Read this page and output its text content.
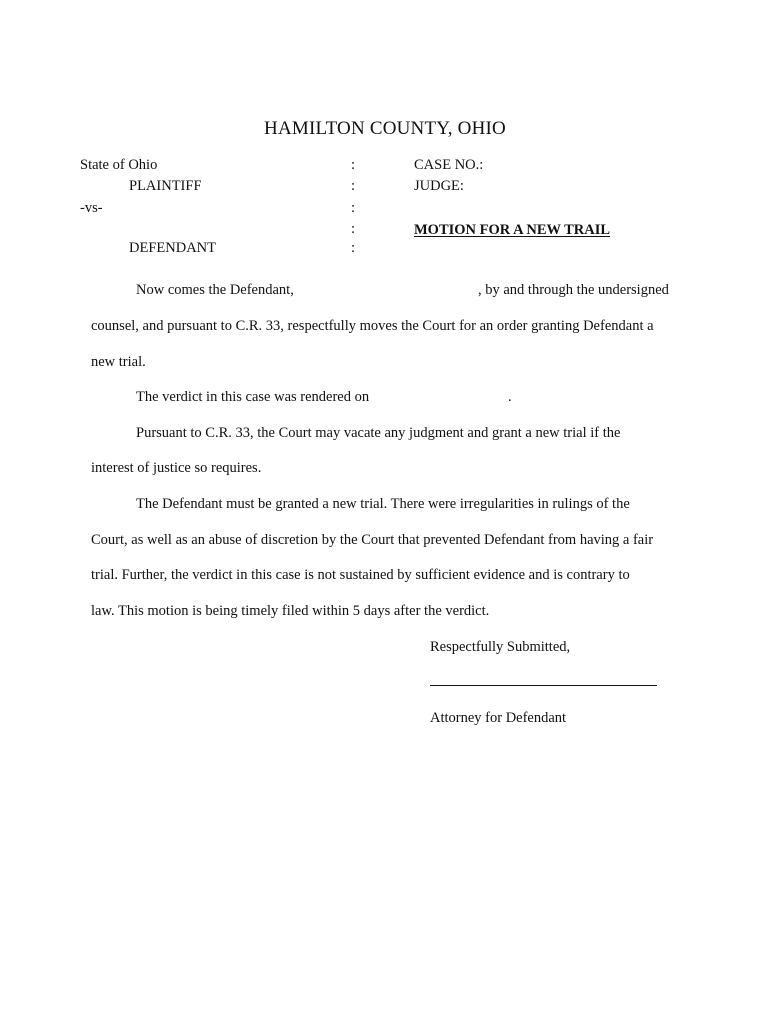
HAMILTON COUNTY, OHIO
State of Ohio
PLAINTIFF
-vs-
DEFENDANT
:
:
:
:
:
CASE NO.:
JUDGE:
MOTION FOR A NEW TRAIL
Now comes the Defendant,	, by and through the undersigned
counsel, and pursuant to C.R. 33, respectfully moves the Court for an order granting Defendant a
new trial.
The verdict in this case was rendered on	.
Pursuant to C.R. 33, the Court may vacate any judgment and grant a new trial if the
interest of justice so requires.
The Defendant must be granted a new trial. There were irregularities in rulings of the
Court, as well as an abuse of discretion by the Court that prevented Defendant from having a fair
trial. Further, the verdict in this case is not sustained by sufficient evidence and is contrary to
law. This motion is being timely filed within 5 days after the verdict.
Respectfully Submitted,
Attorney for Defendant
